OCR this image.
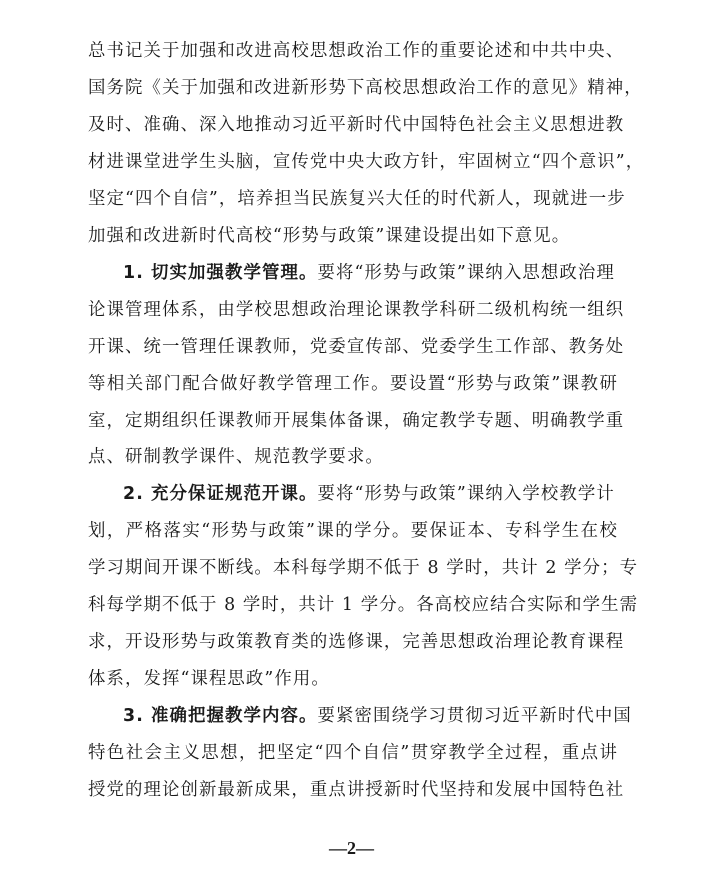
总书记关于加强和改进高校思想政治工作的重要论述和中共中央、
国务院《关于加强和改进新形势下高校思想政治工作的意见》精神，
及时、准确、深入地推动习近平新时代中国特色社会主义思想进教
材进课堂进学生头脑，宣传党中央大政方针，牢固树立“四个意识”，
坚定“四个自信”，培养担当民族复兴大任的时代新人，现就进一步
加强和改进新时代高校“形势与政策”课建设提出如下意见。
1. 切实加强教学管理。要将“形势与政策”课纳入思想政治理
论课管理体系，由学校思想政治理论课教学科研二级机构统一组织
开课、统一管理任课教师，党委宣传部、党委学生工作部、教务处
等相关部门配合做好教学管理工作。要设置“形势与政策”课教研
室，定期组织任课教师开展集体备课，确定教学专题、明确教学重
点、研制教学课件、规范教学要求。
2. 充分保证规范开课。要将“形势与政策”课纳入学校教学计
划，严格落实“形势与政策”课的学分。要保证本、专科学生在校
学习期间开课不断线。本科每学期不低于 8 学时，共计 2 学分；专
科每学期不低于 8 学时，共计 1 学分。各高校应结合实际和学生需
求，开设形势与政策教育类的选修课，完善思想政治理论教育课程
体系，发挥“课程思政”作用。
3. 准确把握教学内容。要紧密围绕学习贯彻习近平新时代中国
—2—
特色社会主义思想，把坚定“四个自信”贯穿教学全过程，重点讲
授党的理论创新最新成果，重点讲授新时代坚持和发展中国特色社
